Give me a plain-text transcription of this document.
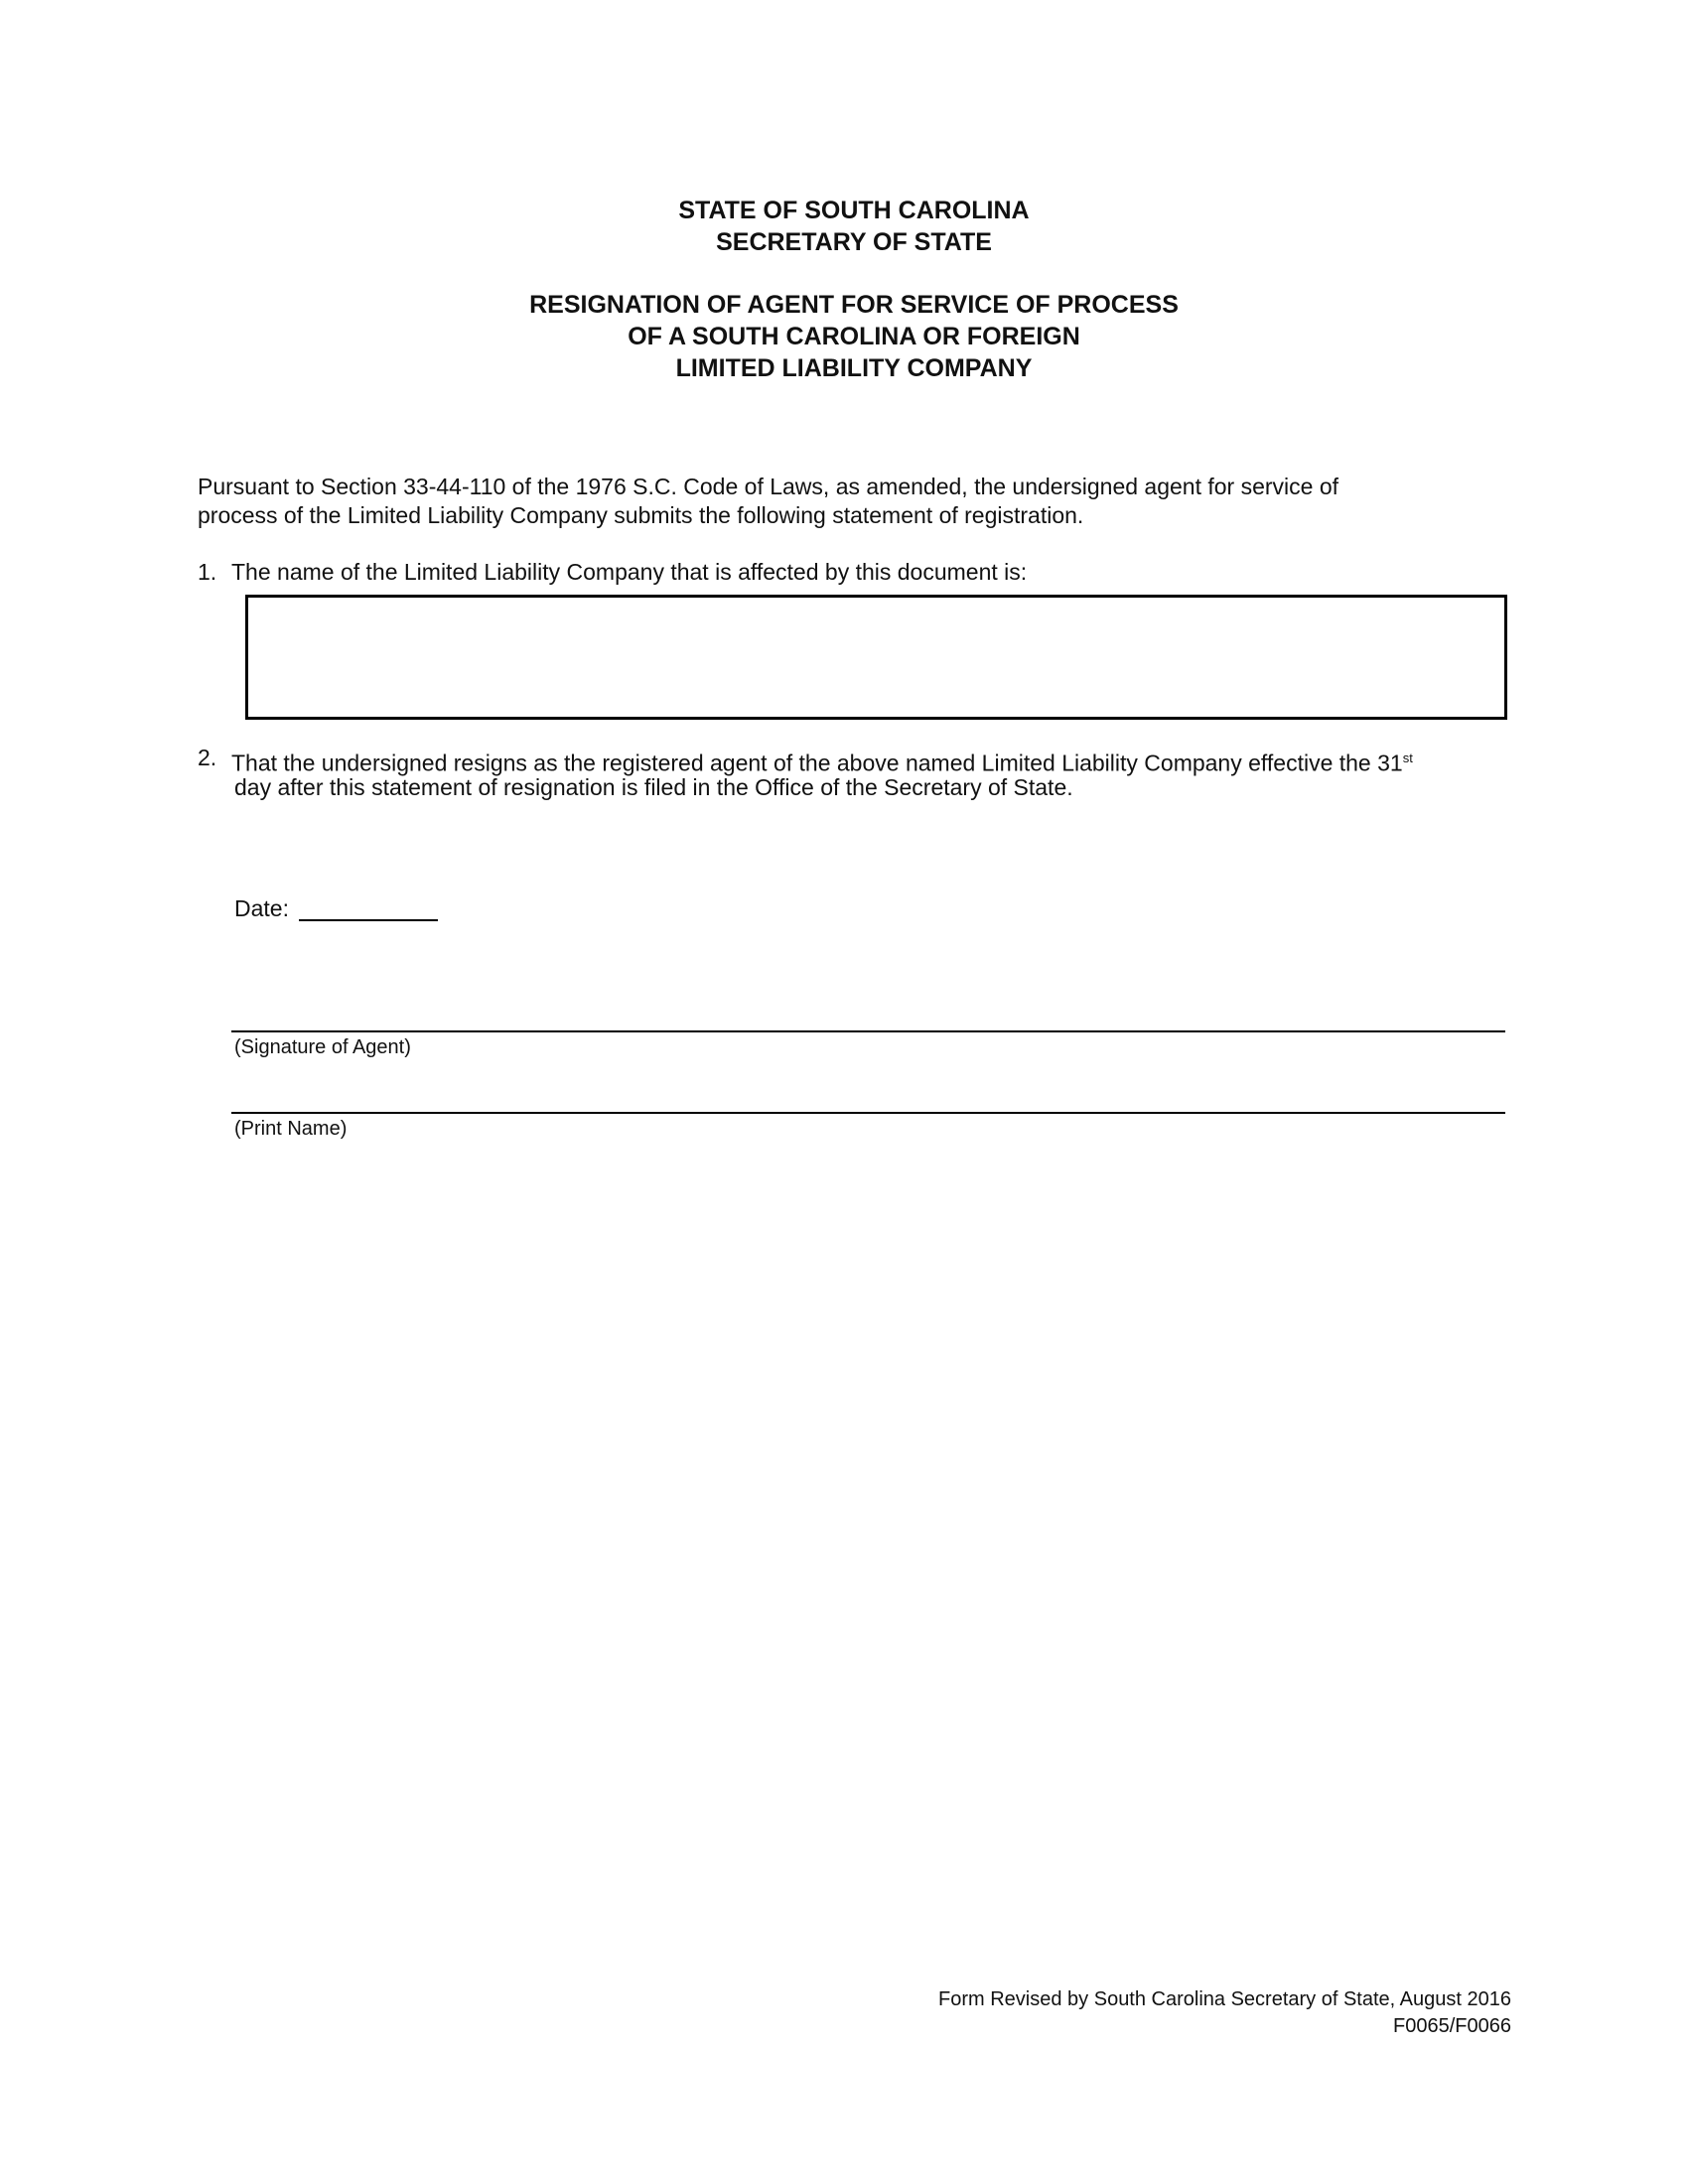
STATE OF SOUTH CAROLINA
SECRETARY OF STATE
RESIGNATION OF AGENT FOR SERVICE OF PROCESS
OF A SOUTH CAROLINA OR FOREIGN
LIMITED LIABILITY COMPANY
Pursuant to Section 33-44-110 of the 1976 S.C. Code of Laws, as amended, the undersigned agent for service of
process of the Limited Liability Company submits the following statement of registration.
1. The name of the Limited Liability Company that is affected by this document is:
2. That the undersigned resigns as the registered agent of the above named Limited Liability Company effective the 31st
day after this statement of resignation is filed in the Office of the Secretary of State.
Date:
(Signature of Agent)
(Print Name)
Form Revised by South Carolina Secretary of State, August 2016
F0065/F0066
